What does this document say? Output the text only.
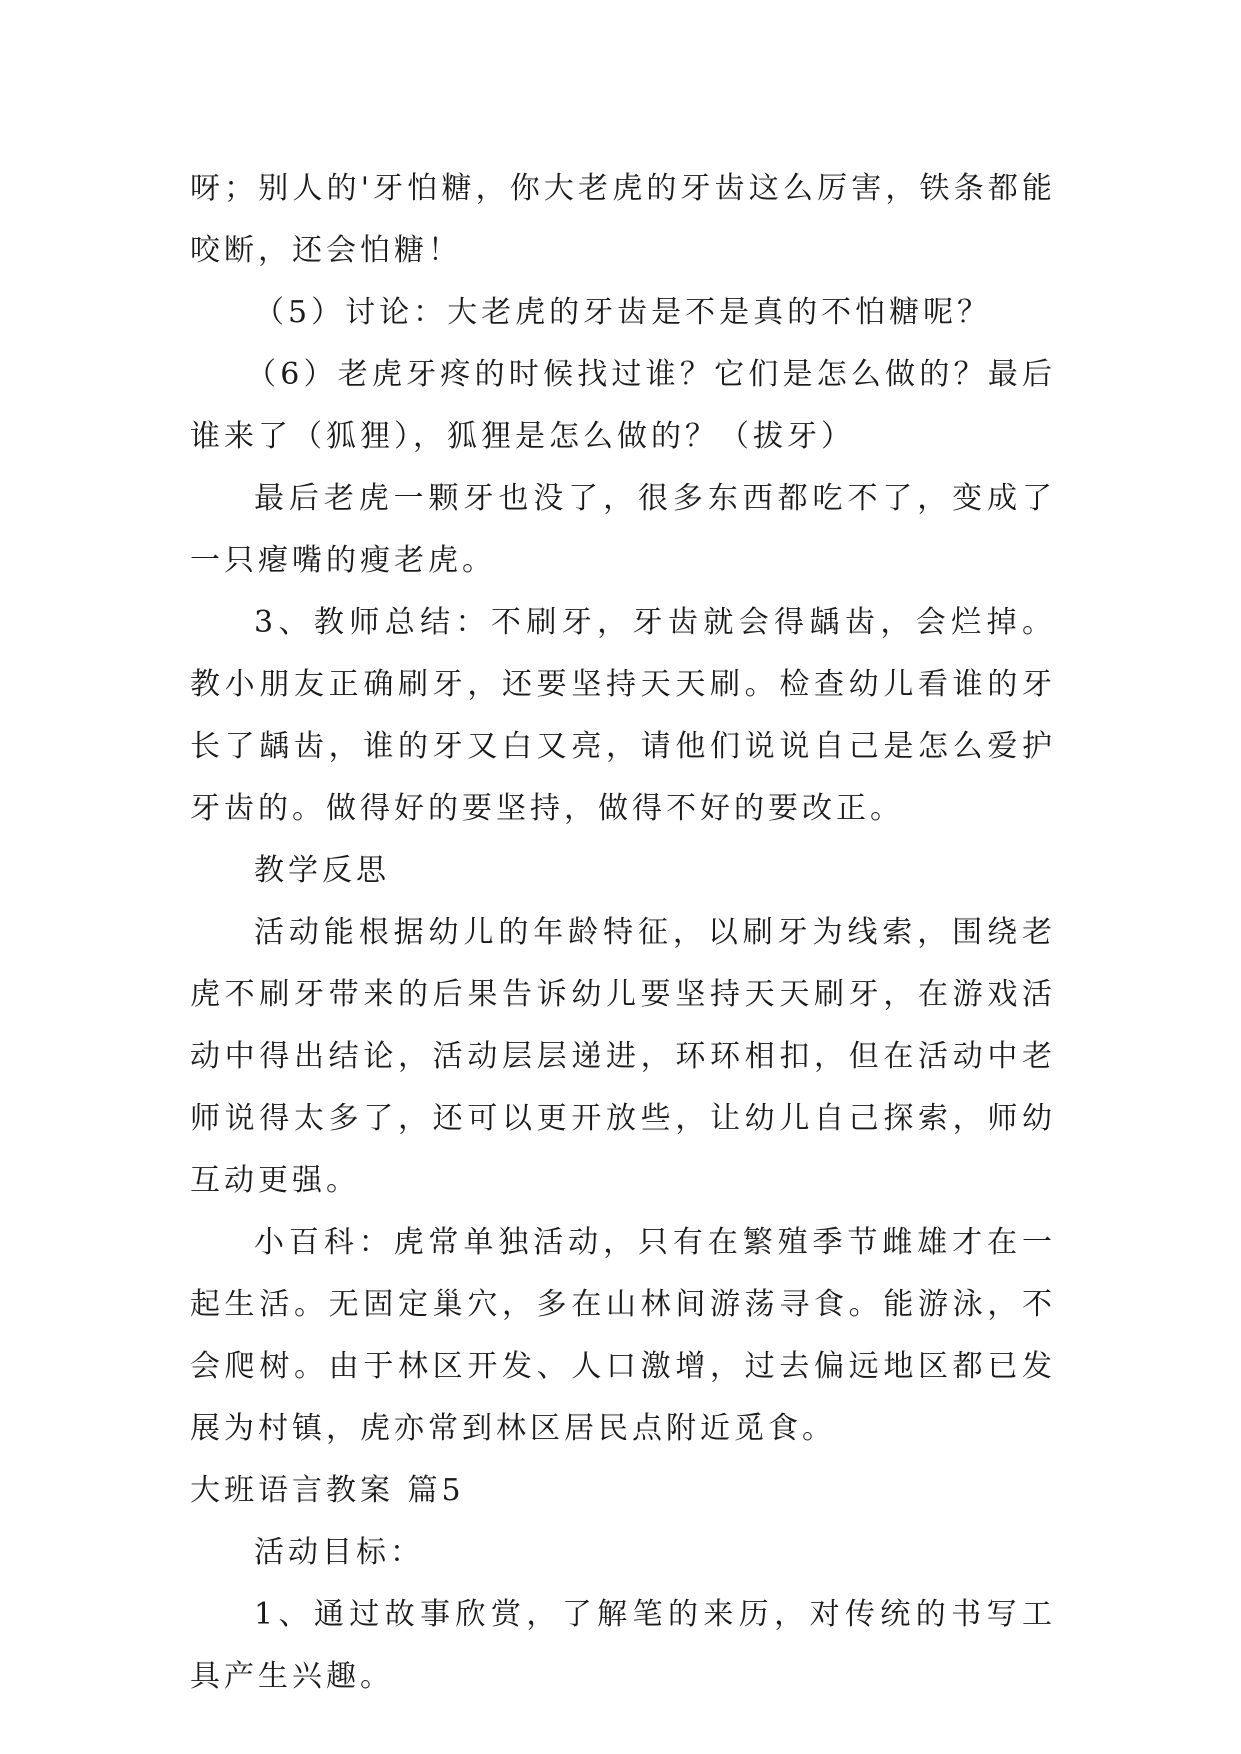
呀；别人的'牙怕糖，你大老虎的牙齿这么厉害，铁条都能咬断，还会怕糖！

（5）讨论：大老虎的牙齿是不是真的不怕糖呢？

（6）老虎牙疼的时候找过谁？它们是怎么做的？最后谁来了（狐狸），狐狸是怎么做的？（拔牙）

最后老虎一颗牙也没了，很多东西都吃不了，变成了一只瘪嘴的瘦老虎。

3、教师总结：不刷牙，牙齿就会得龋齿，会烂掉。教小朋友正确刷牙，还要坚持天天刷。检查幼儿看谁的牙长了龋齿，谁的牙又白又亮，请他们说说自己是怎么爱护牙齿的。做得好的要坚持，做得不好的要改正。

教学反思

活动能根据幼儿的年龄特征，以刷牙为线索，围绕老虎不刷牙带来的后果告诉幼儿要坚持天天刷牙，在游戏活动中得出结论，活动层层递进，环环相扣，但在活动中老师说得太多了，还可以更开放些，让幼儿自己探索，师幼互动更强。

小百科：虎常单独活动，只有在繁殖季节雌雄才在一起生活。无固定巢穴，多在山林间游荡寻食。能游泳，不会爬树。由于林区开发、人口激增，过去偏远地区都已发展为村镇，虎亦常到林区居民点附近觅食。

大班语言教案 篇5

活动目标：

1、通过故事欣赏，了解笔的来历，对传统的书写工具产生兴趣。
